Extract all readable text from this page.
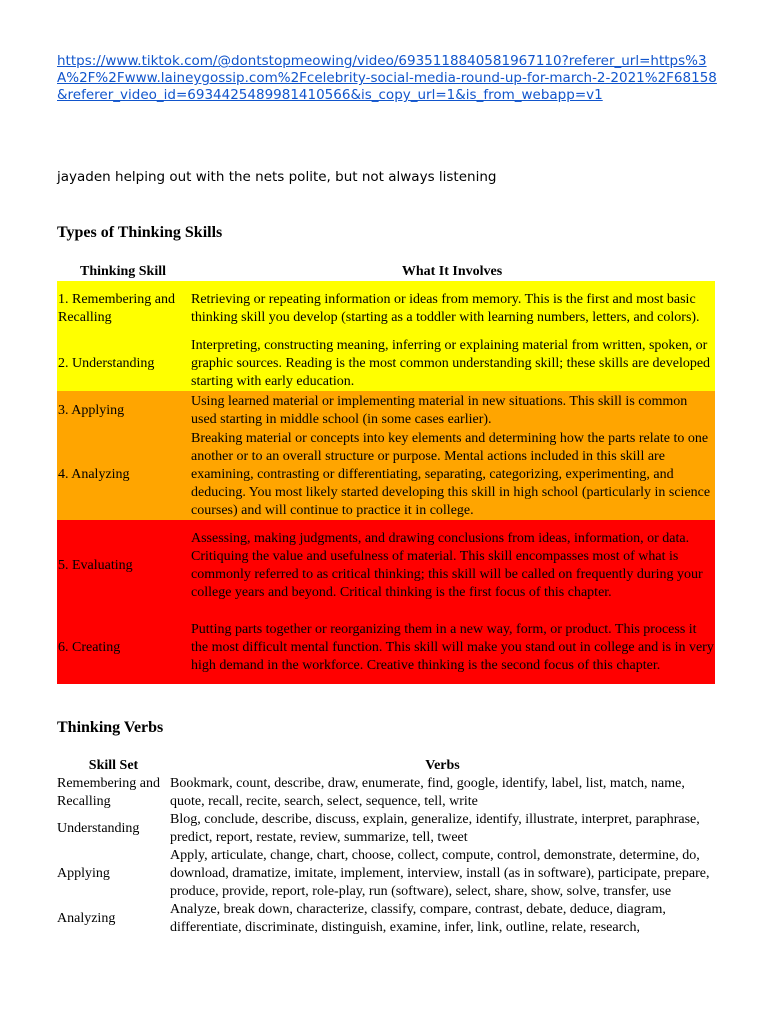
https://www.tiktok.com/@dontstopmeowing/video/6935118840581967110?referer_url=https%3A%2F%2Fwww.laineygossip.com%2Fcelebrity-social-media-round-up-for-march-2-2021%2F68158&referer_video_id=6934425489981410566&is_copy_url=1&is_from_webapp=v1
jayaden helping out with the nets polite, but not always listening
Types of Thinking Skills
Thinking Skill	What It Involves
1. Remembering and Recalling	Retrieving or repeating information or ideas from memory. This is the first and most basic thinking skill you develop (starting as a toddler with learning numbers, letters, and colors).
2. Understanding	Interpreting, constructing meaning, inferring or explaining material from written, spoken, or graphic sources. Reading is the most common understanding skill; these skills are developed starting with early education.
3. Applying	Using learned material or implementing material in new situations. This skill is common used starting in middle school (in some cases earlier).
4. Analyzing	Breaking material or concepts into key elements and determining how the parts relate to one another or to an overall structure or purpose. Mental actions included in this skill are examining, contrasting or differentiating, separating, categorizing, experimenting, and deducing. You most likely started developing this skill in high school (particularly in science courses) and will continue to practice it in college.
5. Evaluating	Assessing, making judgments, and drawing conclusions from ideas, information, or data. Critiquing the value and usefulness of material. This skill encompasses most of what is commonly referred to as critical thinking; this skill will be called on frequently during your college years and beyond. Critical thinking is the first focus of this chapter.
6. Creating	Putting parts together or reorganizing them in a new way, form, or product. This process it the most difficult mental function. This skill will make you stand out in college and is in very high demand in the workforce. Creative thinking is the second focus of this chapter.
Thinking Verbs
Skill Set	Verbs
Remembering and Recalling	Bookmark, count, describe, draw, enumerate, find, google, identify, label, list, match, name, quote, recall, recite, search, select, sequence, tell, write
Understanding	Blog, conclude, describe, discuss, explain, generalize, identify, illustrate, interpret, paraphrase, predict, report, restate, review, summarize, tell, tweet
Applying	Apply, articulate, change, chart, choose, collect, compute, control, demonstrate, determine, do, download, dramatize, imitate, implement, interview, install (as in software), participate, prepare, produce, provide, report, role-play, run (software), select, share, show, solve, transfer, use
Analyzing	Analyze, break down, characterize, classify, compare, contrast, debate, deduce, diagram, differentiate, discriminate, distinguish, examine, infer, link, outline, relate, research,
